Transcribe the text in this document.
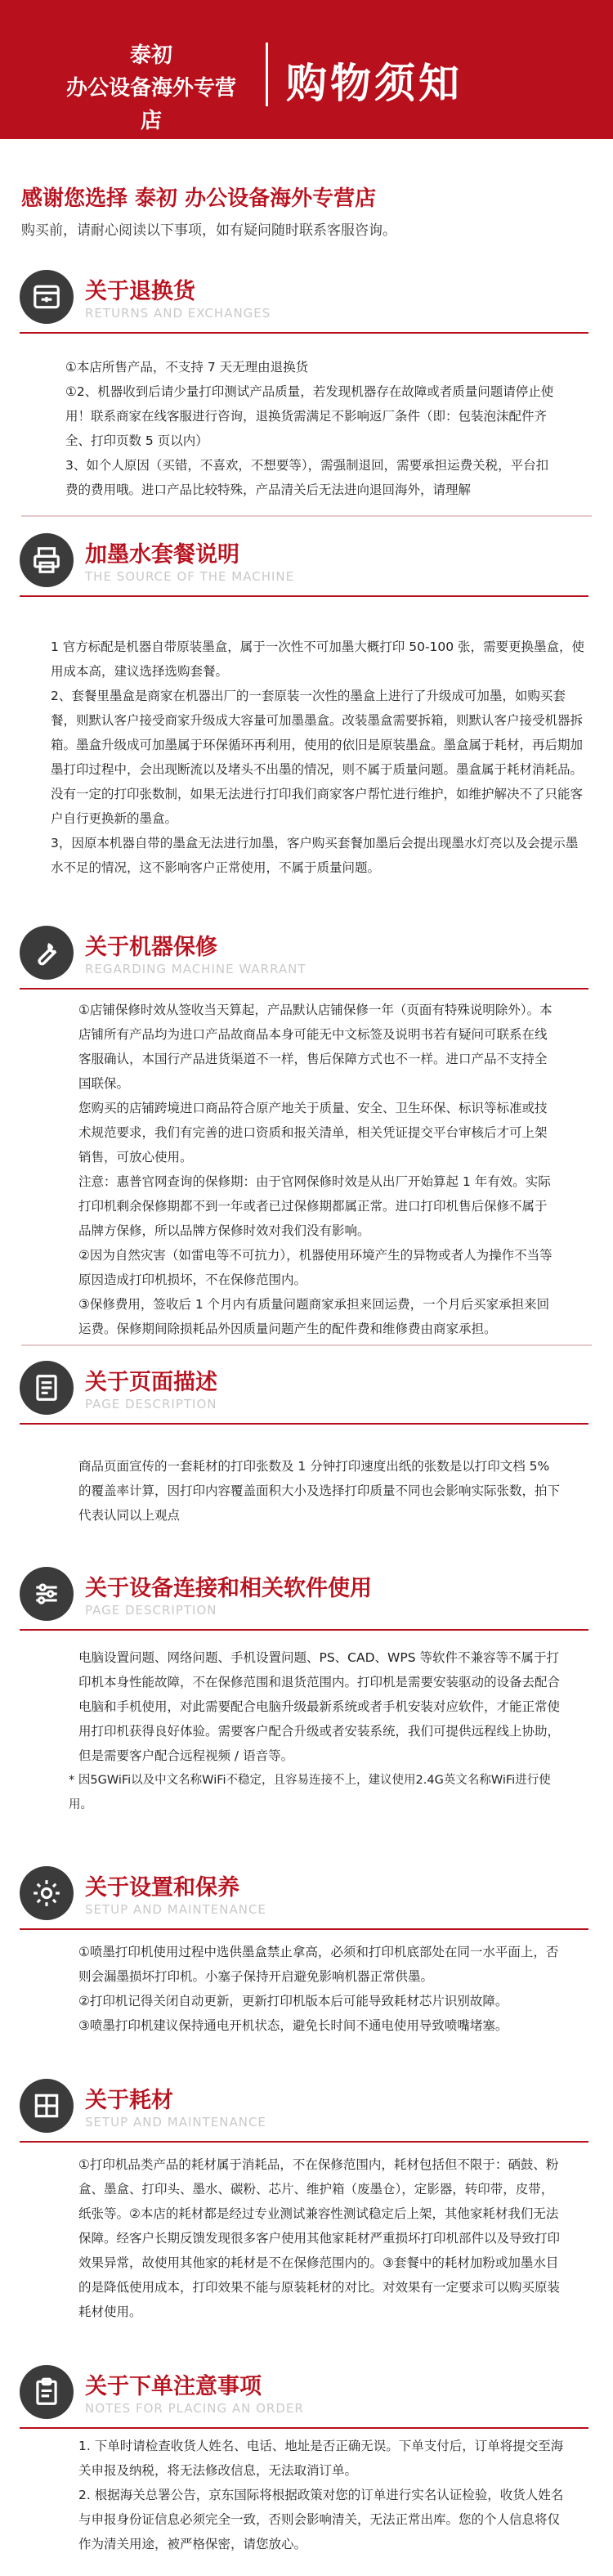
泰初
办公设备海外专营店
购物须知
感谢您选择 泰初 办公设备海外专营店
购买前，请耐心阅读以下事项，如有疑问随时联系客服咨询。
关于退换货
RETURNS AND EXCHANGES

①本店所售产品，不支持 7 天无理由退换货

①2、机器收到后请少量打印测试产品质量，若发现机器存在故障或者质量问题请停止使用！联系商家在线客服进行咨询，退换货需满足不影响返厂条件（即：包装泡沫配件齐全、打印页数 5 页以内）

3、如个人原因（买错，不喜欢，不想要等），需强制退回，需要承担运费关税，平台扣费的费用哦。进口产品比较特殊，产品清关后无法进向退回海外，请理解

加墨水套餐说明
THE SOURCE OF THE MACHINE

1 官方标配是机器自带原装墨盒，属于一次性不可加墨大概打印 50-100 张，需要更换墨盒，使用成本高，建议选择选购套餐。

2、套餐里墨盒是商家在机器出厂的一套原装一次性的墨盒上进行了升级成可加墨，如购买套餐，则默认客户接受商家升级成大容量可加墨墨盒。改装墨盒需要拆箱，则默认客户接受机器拆箱。墨盒升级成可加墨属于环保循环再利用，使用的依旧是原装墨盒。墨盒属于耗材，再后期加墨打印过程中，会出现断流以及堵头不出墨的情况，则不属于质量问题。墨盒属于耗材消耗品。没有一定的打印张数制，如果无法进行打印我们商家客户帮忙进行维护，如维护解决不了只能客户自行更换新的墨盒。

3，因原本机器自带的墨盒无法进行加墨，客户购买套餐加墨后会提出现墨水灯亮以及会提示墨水不足的情况，这不影响客户正常使用，不属于质量问题。

关于机器保修
REGARDING MACHINE WARRANT

①店铺保修时效从签收当天算起，产品默认店铺保修一年（页面有特殊说明除外）。本店铺所有产品均为进口产品故商品本身可能无中文标签及说明书若有疑问可联系在线客服确认，本国行产品进货渠道不一样，售后保障方式也不一样。进口产品不支持全国联保。

您购买的店铺跨境进口商品符合原产地关于质量、安全、卫生环保、标识等标准或技术规范要求，我们有完善的进口资质和报关清单，相关凭证提交平台审核后才可上架销售，可放心使用。

注意：惠普官网查询的保修期：由于官网保修时效是从出厂开始算起 1 年有效。实际打印机剩余保修期都不到一年或者已过保修期都属正常。进口打印机售后保修不属于品牌方保修，所以品牌方保修时效对我们没有影响。

②因为自然灾害（如雷电等不可抗力），机器使用环境产生的异物或者人为操作不当等原因造成打印机损坏，不在保修范围内。

③保修费用，签收后 1 个月内有质量问题商家承担来回运费，一个月后买家承担来回运费。保修期间除损耗品外因质量问题产生的配件费和维修费由商家承担。

关于页面描述
PAGE DESCRIPTION

商品页面宣传的一套耗材的打印张数及 1 分钟打印速度出纸的张数是以打印文档 5% 的覆盖率计算，因打印内容覆盖面积大小及选择打印质量不同也会影响实际张数，拍下代表认同以上观点

关于设备连接和相关软件使用
PAGE DESCRIPTION

电脑设置问题、网络问题、手机设置问题、PS、CAD、WPS 等软件不兼容等不属于打印机本身性能故障，不在保修范围和退货范围内。打印机是需要安装驱动的设备去配合电脑和手机使用，对此需要配合电脑升级最新系统或者手机安装对应软件，才能正常使用打印机获得良好体验。需要客户配合升级或者安装系统，我们可提供远程线上协助，但是需要客户配合远程视频 / 语音等。

* 因5GWiFi以及中文名称WiFi不稳定，且容易连接不上，建议使用2.4G英文名称WiFi进行使用。

关于设置和保养
SETUP AND MAINTENANCE

①喷墨打印机使用过程中选供墨盒禁止拿高，必须和打印机底部处在同一水平面上，否则会漏墨损坏打印机。小塞子保持开启避免影响机器正常供墨。

②打印机记得关闭自动更新，更新打印机版本后可能导致耗材芯片识别故障。

③喷墨打印机建议保持通电开机状态，避免长时间不通电使用导致喷嘴堵塞。

关于耗材
SETUP AND MAINTENANCE

①打印机品类产品的耗材属于消耗品，不在保修范围内，耗材包括但不限于：硒鼓、粉盒、墨盒、打印头、墨水、碳粉、芯片、维护箱（废墨仓），定影器，转印带，皮带，纸张等。②本店的耗材都是经过专业测试兼容性测试稳定后上架，其他家耗材我们无法保障。经客户长期反馈发现很多客户使用其他家耗材严重损坏打印机部件以及导致打印效果异常，故使用其他家的耗材是不在保修范围内的。③套餐中的耗材加粉或加墨水目的是降低使用成本，打印效果不能与原装耗材的对比。对效果有一定要求可以购买原装耗材使用。

关于下单注意事项
NOTES FOR PLACING AN ORDER

1. 下单时请检查收货人姓名、电话、地址是否正确无误。下单支付后，订单将提交至海关申报及纳税，将无法修改信息，无法取消订单。

2. 根据海关总署公告，京东国际将根据政策对您的订单进行实名认证检验，收货人姓名与申报身份证信息必须完全一致，否则会影响清关，无法正常出库。您的个人信息将仅作为清关用途，被严格保密，请您放心。
